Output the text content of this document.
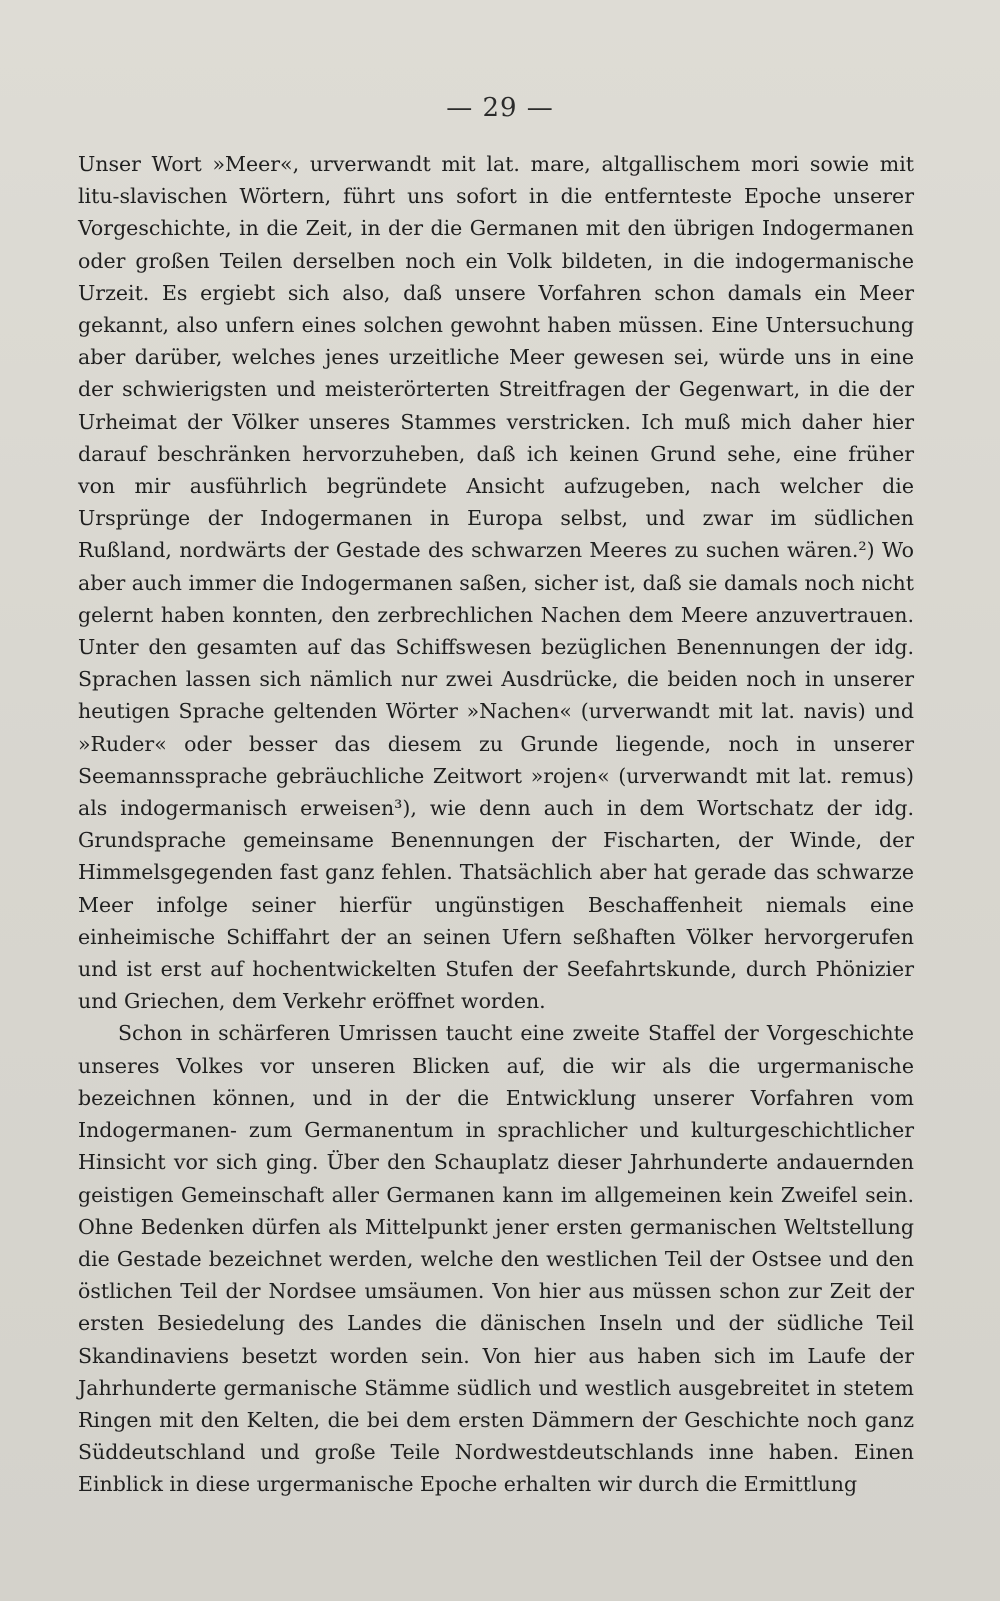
— 29 —

Unser Wort »Meer«, urverwandt mit lat. mare, altgallischem mori sowie mit litu-slavischen Wörtern, führt uns sofort in die entfernteste Epoche unserer Vorgeschichte, in die Zeit, in der die Germanen mit den übrigen Indogermanen oder großen Teilen derselben noch ein Volk bildeten, in die indogermanische Urzeit. Es ergiebt sich also, daß unsere Vorfahren schon damals ein Meer gekannt, also unfern eines solchen gewohnt haben müssen. Eine Untersuchung aber darüber, welches jenes urzeitliche Meer gewesen sei, würde uns in eine der schwierigsten und meisterörterten Streitfragen der Gegenwart, in die der Urheimat der Völker unseres Stammes verstricken. Ich muß mich daher hier darauf beschränken hervorzuheben, daß ich keinen Grund sehe, eine früher von mir ausführlich begründete Ansicht aufzugeben, nach welcher die Ursprünge der Indogermanen in Europa selbst, und zwar im südlichen Rußland, nordwärts der Gestade des schwarzen Meeres zu suchen wären.²) Wo aber auch immer die Indogermanen saßen, sicher ist, daß sie damals noch nicht gelernt haben konnten, den zerbrechlichen Nachen dem Meere anzuvertrauen. Unter den gesamten auf das Schiffswesen bezüglichen Benennungen der idg. Sprachen lassen sich nämlich nur zwei Ausdrücke, die beiden noch in unserer heutigen Sprache geltenden Wörter »Nachen« (urverwandt mit lat. navis) und »Ruder« oder besser das diesem zu Grunde liegende, noch in unserer Seemannssprache gebräuchliche Zeitwort »rojen« (urverwandt mit lat. remus) als indogermanisch erweisen³), wie denn auch in dem Wortschatz der idg. Grundsprache gemeinsame Benennungen der Fischarten, der Winde, der Himmelsgegenden fast ganz fehlen. Thatsächlich aber hat gerade das schwarze Meer infolge seiner hierfür ungünstigen Beschaffenheit niemals eine einheimische Schiffahrt der an seinen Ufern seßhaften Völker hervorgerufen und ist erst auf hochentwickelten Stufen der Seefahrtskunde, durch Phönizier und Griechen, dem Verkehr eröffnet worden.

Schon in schärferen Umrissen taucht eine zweite Staffel der Vorgeschichte unseres Volkes vor unseren Blicken auf, die wir als die urgermanische bezeichnen können, und in der die Entwicklung unserer Vorfahren vom Indogermanen- zum Germanentum in sprachlicher und kulturgeschichtlicher Hinsicht vor sich ging. Über den Schauplatz dieser Jahrhunderte andauernden geistigen Gemeinschaft aller Germanen kann im allgemeinen kein Zweifel sein. Ohne Bedenken dürfen als Mittelpunkt jener ersten germanischen Weltstellung die Gestade bezeichnet werden, welche den westlichen Teil der Ostsee und den östlichen Teil der Nordsee umsäumen. Von hier aus müssen schon zur Zeit der ersten Besiedelung des Landes die dänischen Inseln und der südliche Teil Skandinaviens besetzt worden sein. Von hier aus haben sich im Laufe der Jahrhunderte germanische Stämme südlich und westlich ausgebreitet in stetem Ringen mit den Kelten, die bei dem ersten Dämmern der Geschichte noch ganz Süddeutschland und große Teile Nordwestdeutschlands inne haben. Einen Einblick in diese urgermanische Epoche erhalten wir durch die Ermittlung
